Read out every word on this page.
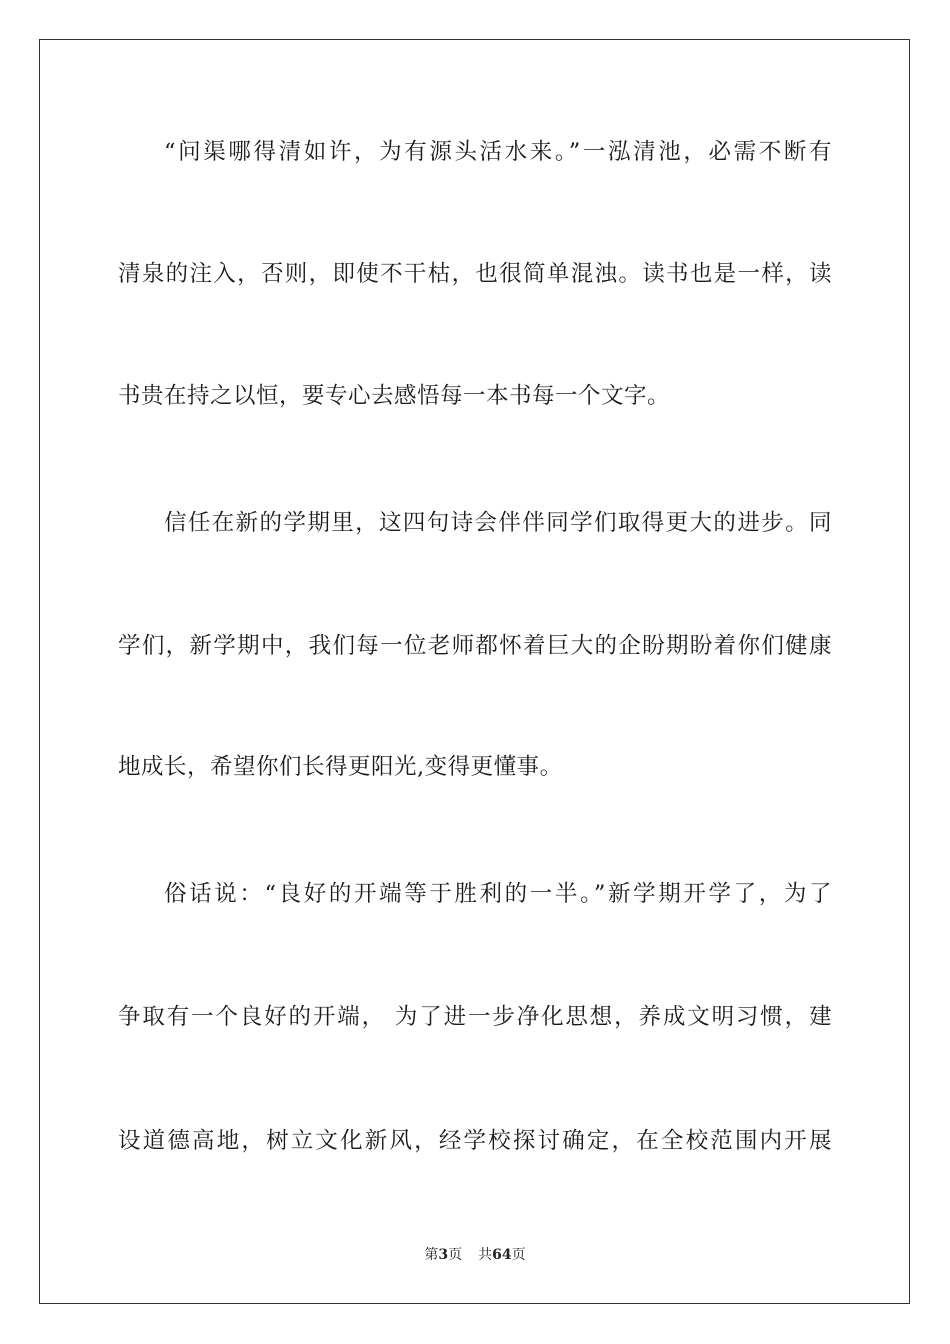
“问渠哪得清如许，为有源头活水来。”一泓清池，必需不断有
清泉的注入，否则，即使不干枯，也很简单混浊。读书也是一样，读
书贵在持之以恒，要专心去感悟每一本书每一个文字。
信任在新的学期里，这四句诗会伴伴同学们取得更大的进步。同
学们，新学期中，我们每一位老师都怀着巨大的企盼期盼着你们健康
地成长，希望你们长得更阳光,变得更懂事。
俗话说：“良好的开端等于胜利的一半。”新学期开学了，为了
争取有一个良好的开端， 为了进一步净化思想，养成文明习惯，建
设道德高地，树立文化新风，经学校探讨确定，在全校范围内开展
第3页 共64页
